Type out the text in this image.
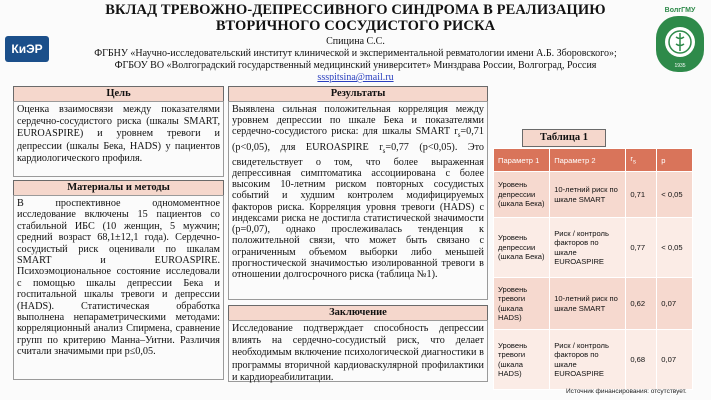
ВКЛАД ТРЕВОЖНО-ДЕПРЕССИВНОГО СИНДРОМА В РЕАЛИЗАЦИЮ ВТОРИЧНОГО СОСУДИСТОГО РИСКА
Спицина С.С.
ФГБНУ «Научно-исследовательский институт клинической и экспериментальной ревматологии имени А.Б. Зборовского»;
ФГБОУ ВО «Волгоградский государственный медицинский университет» Минздрава России, Волгоград, Россия
ssspitsina@mail.ru
КиЭР
ВолгГМУ
1935
Цель
Оценка взаимосвязи между показателями сердечно-сосудистого риска (шкалы SMART, EUROASPIRE) и уровнем тревоги и депрессии (шкалы Бека, HADS) у пациентов кардиологического профиля.
Материалы и методы
В проспективное одномоментное исследование включены 15 пациентов со стабильной ИБС (10 женщин, 5 мужчин; средний возраст 68,1±12,1 года). Сердечно-сосудистый риск оценивали по шкалам SMART и EUROASPIRE. Психоэмоциональное состояние исследовали с помощью шкалы депрессии Бека и госпитальной шкалы тревоги и депрессии (HADS). Статистическая обработка выполнена непараметрическими методами: корреляционный анализ Спирмена, сравнение групп по критерию Манна–Уитни. Различия считали значимыми при p≤0,05.
Результаты
Выявлена сильная положительная корреляция между уровнем депрессии по шкале Бека и показателями сердечно-сосудистого риска: для шкалы SMART $r_s=0,71$ (p<0,05), для EUROASPIRE $r_s=0,77$ (p<0,05). Это свидетельствует о том, что более выраженная депрессивная симптоматика ассоциирована с более высоким 10-летним риском повторных сосудистых событий и худшим контролем модифицируемых факторов риска. Корреляция уровня тревоги (HADS) с индексами риска не достигла статистической значимости (p=0,07), однако прослеживалась тенденция к положительной связи, что может быть связано с ограниченным объемом выборки либо меньшей прогностической значимостью изолированной тревоги в отношении долгосрочного риска (таблица №1).
Заключение
Исследование подтверждает способность депрессии влиять на сердечно-сосудистый риск, что делает необходимым включение психологической диагностики в программы вторичной кардиоваскулярной профилактики и кардиореабилитации.
Таблица 1
Параметр 1	Параметр 2	$r_s$	p
Уровень депрессии (шкала Бека)	10-летний риск по шкале SMART	0,71	< 0,05
Уровень депрессии (шкала Бека)	Риск / контроль факторов по шкале EUROASPIRE	0,77	< 0,05
Уровень тревоги (шкала HADS)	10-летний риск по шкале SMART	0,62	0,07
Уровень тревоги (шкала HADS)	Риск / контроль факторов по шкале EUROASPIRE	0,68	0,07
Источник финансирования: отсутствует.
